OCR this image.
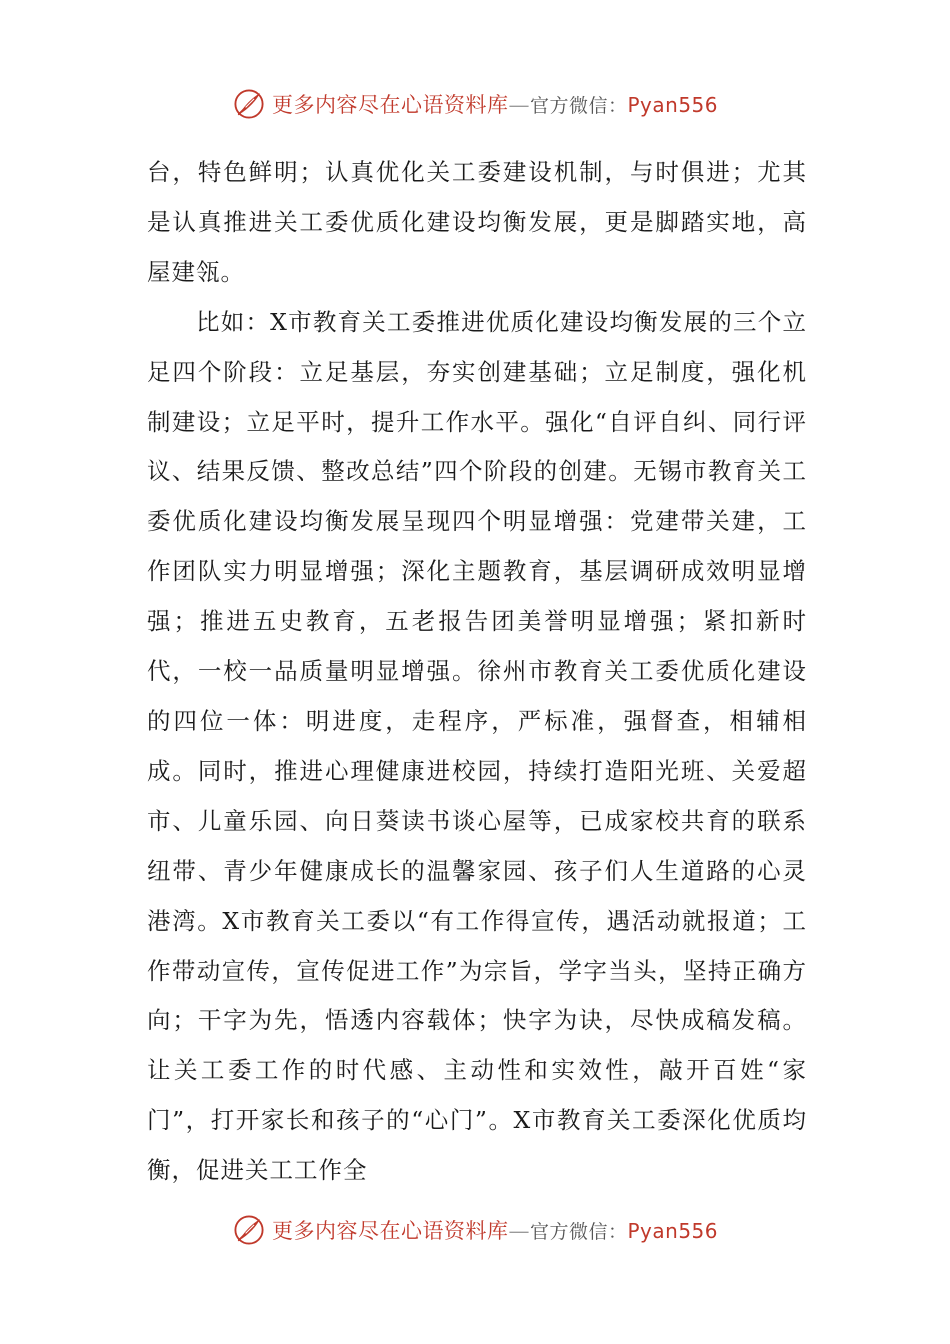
更多内容尽在心语资料库—官方微信：Pyan556

台，特色鲜明；认真优化关工委建设机制，与时俱进；尤其是认真推进关工委优质化建设均衡发展，更是脚踏实地，高屋建瓴。

比如：X市教育关工委推进优质化建设均衡发展的三个立足四个阶段：立足基层，夯实创建基础；立足制度，强化机制建设；立足平时，提升工作水平。强化“自评自纠、同行评议、结果反馈、整改总结”四个阶段的创建。无锡市教育关工委优质化建设均衡发展呈现四个明显增强：党建带关建，工作团队实力明显增强；深化主题教育，基层调研成效明显增强；推进五史教育，五老报告团美誉明显增强；紧扣新时代，一校一品质量明显增强。徐州市教育关工委优质化建设的四位一体：明进度，走程序，严标准，强督查，相辅相成。同时，推进心理健康进校园，持续打造阳光班、关爱超市、儿童乐园、向日葵读书谈心屋等，已成家校共育的联系纽带、青少年健康成长的温馨家园、孩子们人生道路的心灵港湾。X市教育关工委以“有工作得宣传，遇活动就报道；工作带动宣传，宣传促进工作”为宗旨，学字当头，坚持正确方向；干字为先，悟透内容载体；快字为诀，尽快成稿发稿。让关工委工作的时代感、主动性和实效性，敲开百姓“家门”，打开家长和孩子的“心门”。X市教育关工委深化优质均衡，促进关工工作全

更多内容尽在心语资料库—官方微信：Pyan556
